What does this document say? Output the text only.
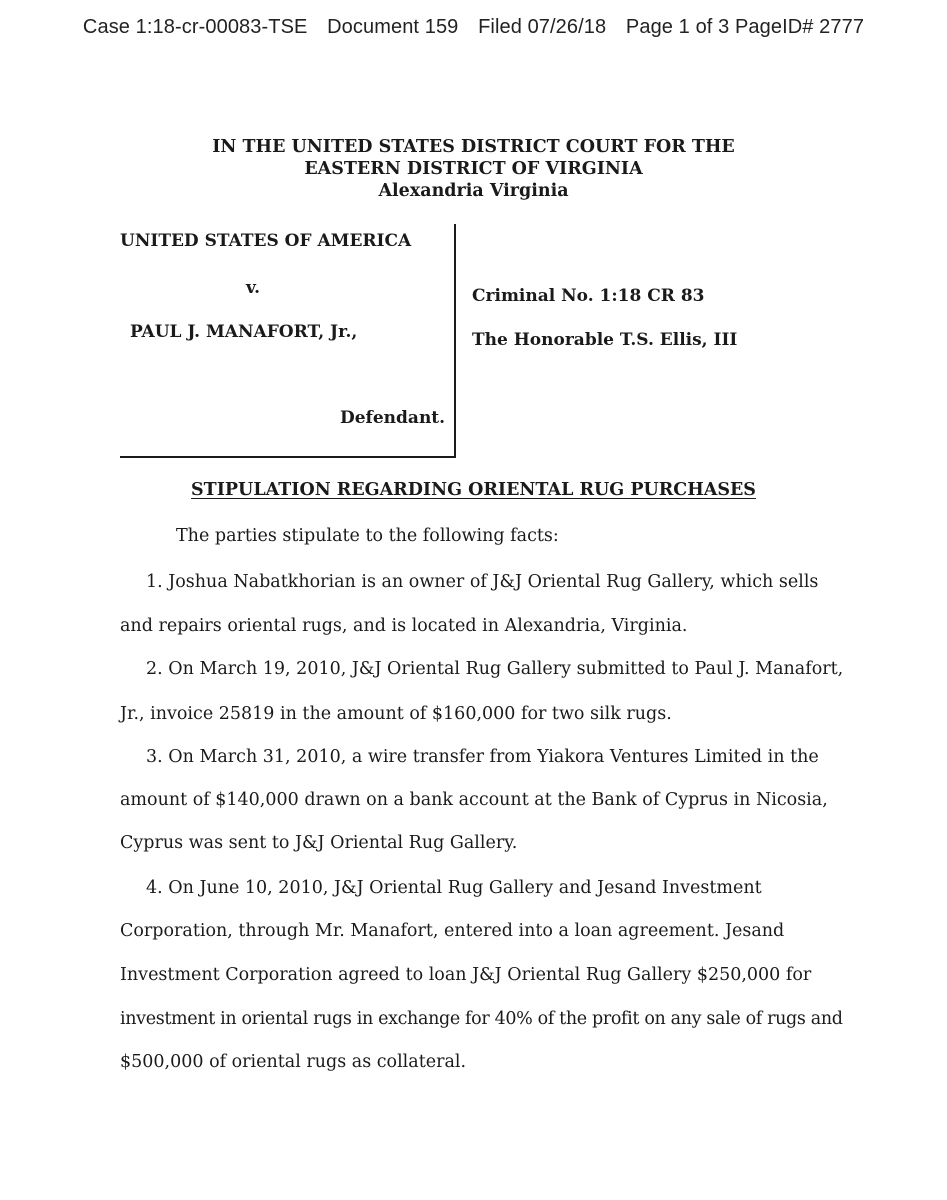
Case 1:18-cr-00083-TSE Document 159 Filed 07/26/18 Page 1 of 3 PageID# 2777
IN THE UNITED STATES DISTRICT COURT FOR THE
EASTERN DISTRICT OF VIRGINIA
Alexandria Virginia
UNITED STATES OF AMERICA
v.
PAUL J. MANAFORT, Jr.,
Defendant.
Criminal No. 1:18 CR 83
The Honorable T.S. Ellis, III
STIPULATION REGARDING ORIENTAL RUG PURCHASES
The parties stipulate to the following facts:
1. Joshua Nabatkhorian is an owner of J&J Oriental Rug Gallery, which sells
and repairs oriental rugs, and is located in Alexandria, Virginia.
2. On March 19, 2010, J&J Oriental Rug Gallery submitted to Paul J. Manafort,
Jr., invoice 25819 in the amount of $160,000 for two silk rugs.
3. On March 31, 2010, a wire transfer from Yiakora Ventures Limited in the
amount of $140,000 drawn on a bank account at the Bank of Cyprus in Nicosia,
Cyprus was sent to J&J Oriental Rug Gallery.
4. On June 10, 2010, J&J Oriental Rug Gallery and Jesand Investment
Corporation, through Mr. Manafort, entered into a loan agreement. Jesand
Investment Corporation agreed to loan J&J Oriental Rug Gallery $250,000 for
investment in oriental rugs in exchange for 40% of the profit on any sale of rugs and
$500,000 of oriental rugs as collateral.
